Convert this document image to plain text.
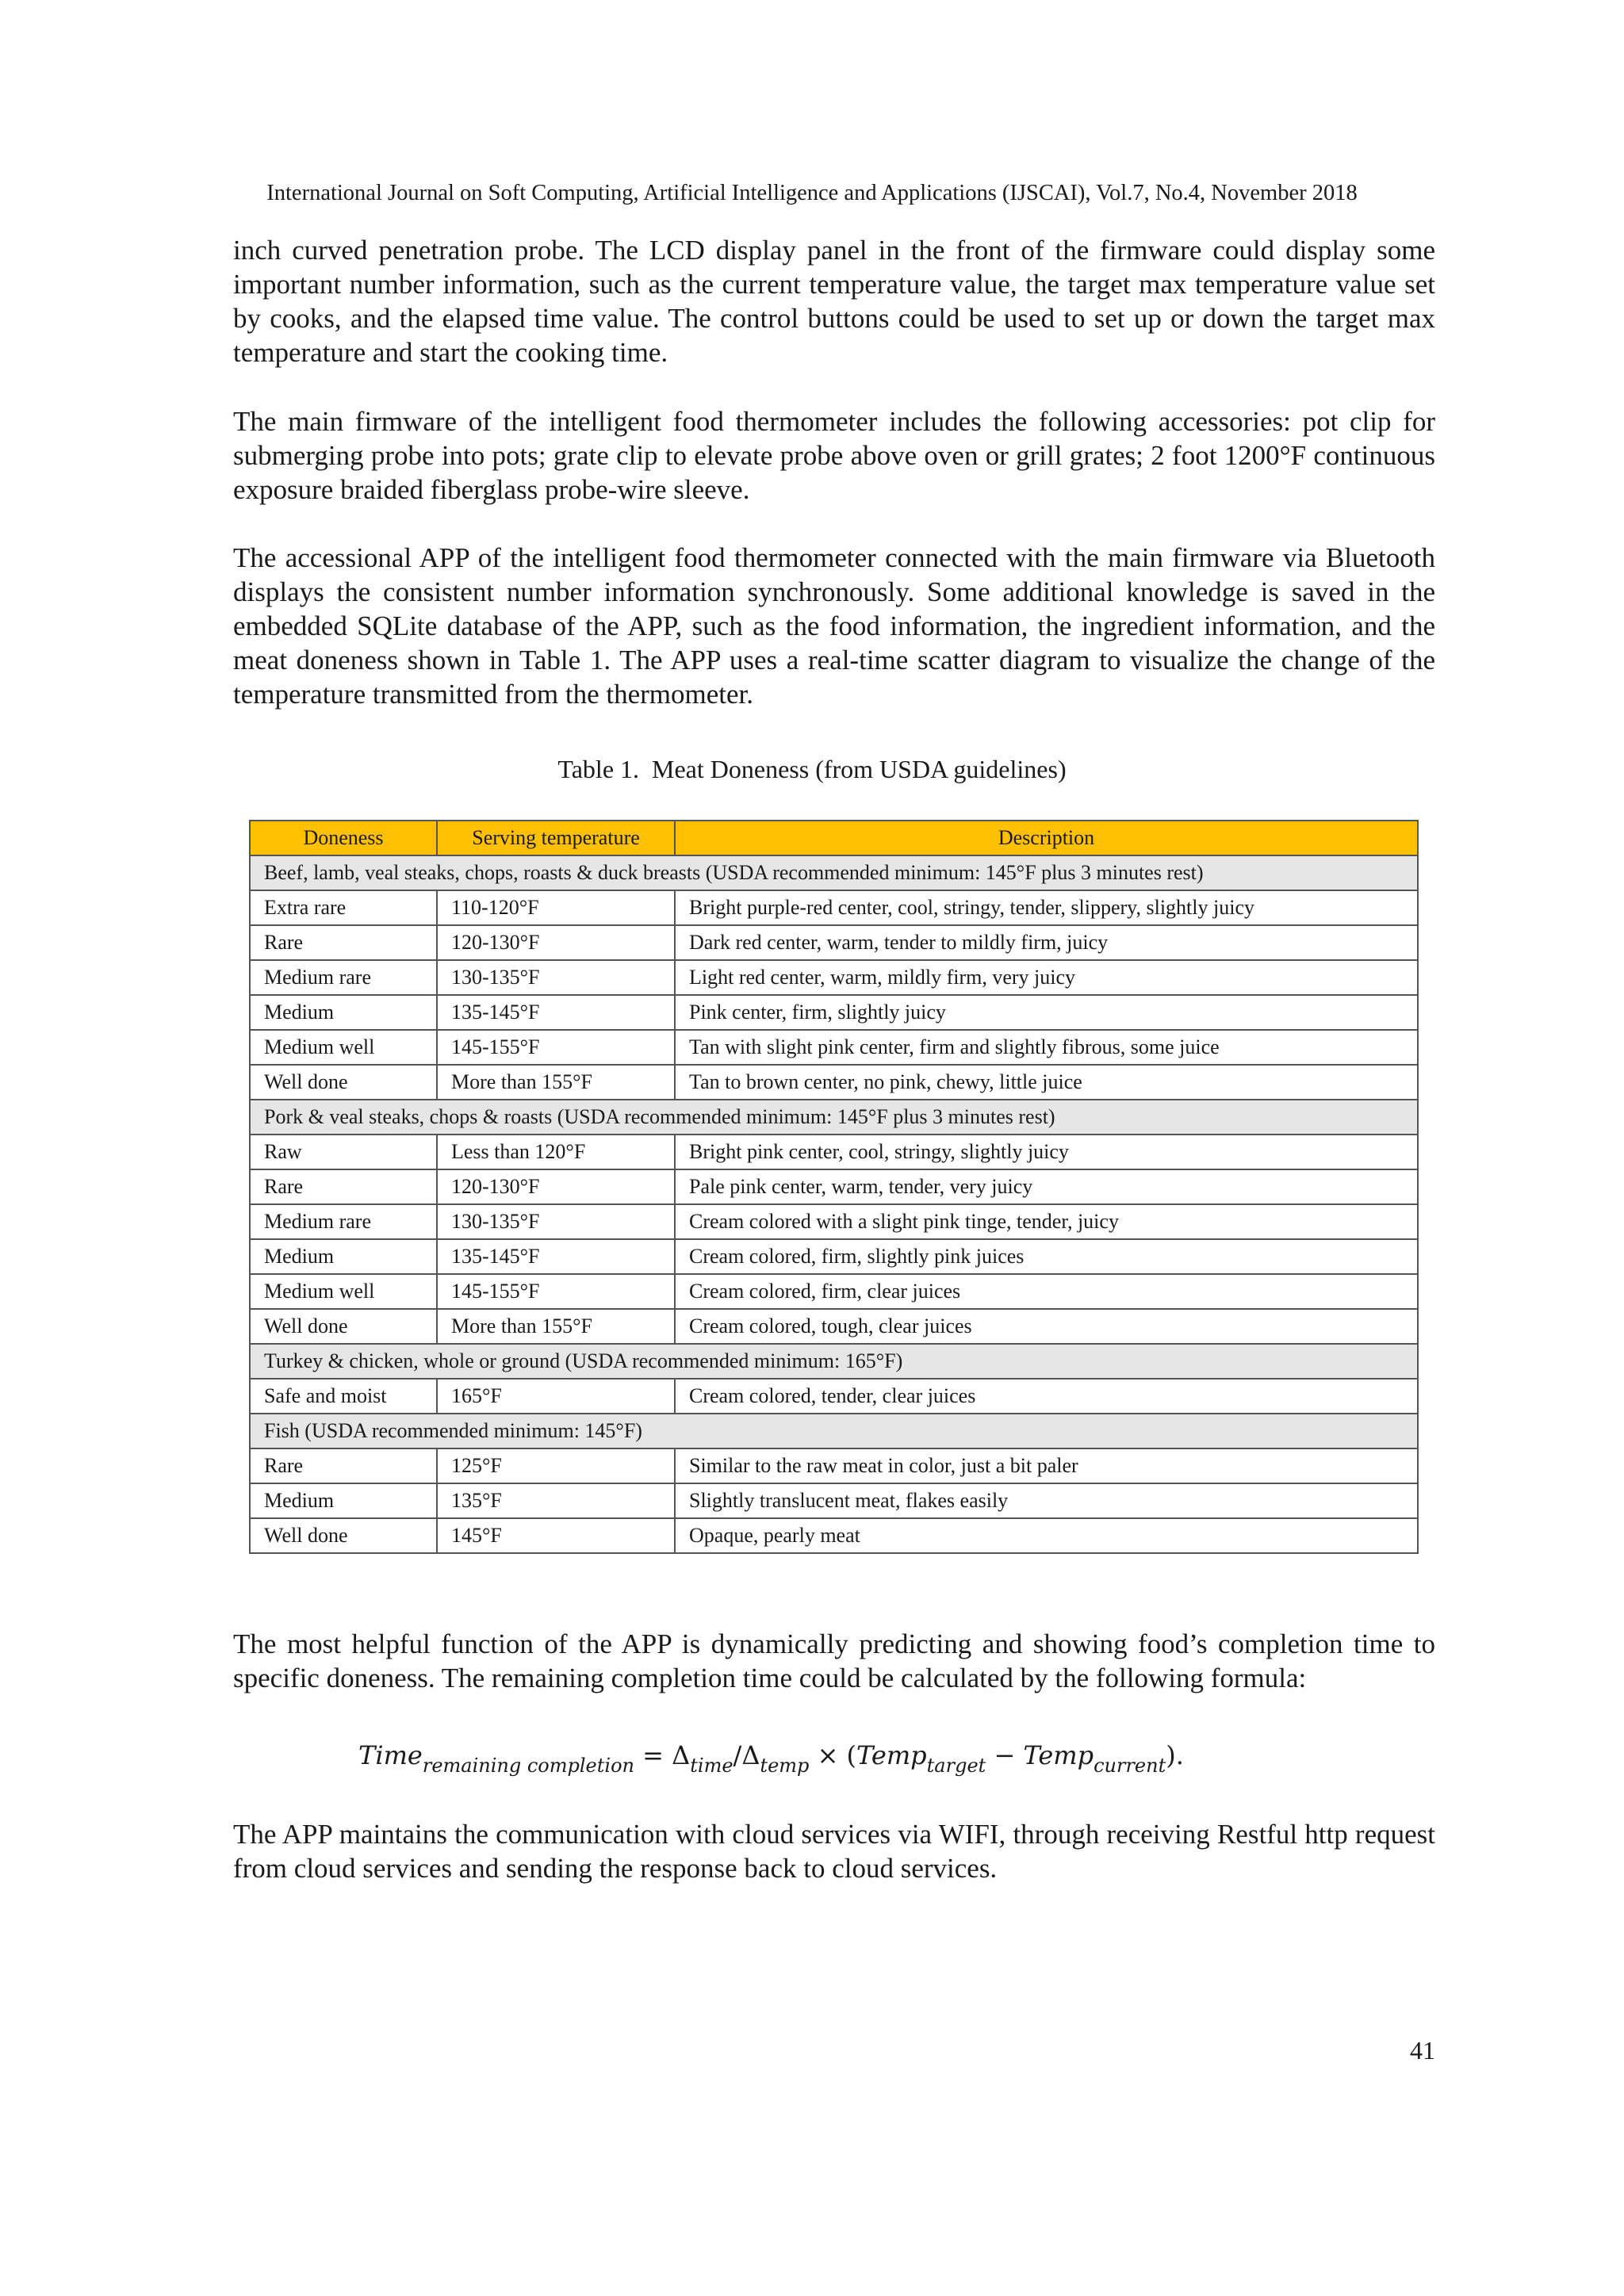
International Journal on Soft Computing, Artificial Intelligence and Applications (IJSCAI), Vol.7, No.4, November 2018

inch curved penetration probe. The LCD display panel in the front of the firmware could display some important number information, such as the current temperature value, the target max temperature value set by cooks, and the elapsed time value. The control buttons could be used to set up or down the target max temperature and start the cooking time.

The main firmware of the intelligent food thermometer includes the following accessories: pot clip for submerging probe into pots; grate clip to elevate probe above oven or grill grates; 2 foot 1200°F continuous exposure braided fiberglass probe-wire sleeve.

The accessional APP of the intelligent food thermometer connected with the main firmware via Bluetooth displays the consistent number information synchronously. Some additional knowledge is saved in the embedded SQLite database of the APP, such as the food information, the ingredient information, and the meat doneness shown in Table 1. The APP uses a real-time scatter diagram to visualize the change of the temperature transmitted from the thermometer.

Table 1.  Meat Doneness (from USDA guidelines)
Doneness	Serving temperature	Description
Beef, lamb, veal steaks, chops, roasts & duck breasts (USDA recommended minimum: 145°F plus 3 minutes rest)		
Extra rare	110-120°F	Bright purple-red center, cool, stringy, tender, slippery, slightly juicy
Rare	120-130°F	Dark red center, warm, tender to mildly firm, juicy
Medium rare	130-135°F	Light red center, warm, mildly firm, very juicy
Medium	135-145°F	Pink center, firm, slightly juicy
Medium well	145-155°F	Tan with slight pink center, firm and slightly fibrous, some juice
Well done	More than 155°F	Tan to brown center, no pink, chewy, little juice
Pork & veal steaks, chops & roasts (USDA recommended minimum: 145°F plus 3 minutes rest)		
Raw	Less than 120°F	Bright pink center, cool, stringy, slightly juicy
Rare	120-130°F	Pale pink center, warm, tender, very juicy
Medium rare	130-135°F	Cream colored with a slight pink tinge, tender, juicy
Medium	135-145°F	Cream colored, firm, slightly pink juices
Medium well	145-155°F	Cream colored, firm, clear juices
Well done	More than 155°F	Cream colored, tough, clear juices
Turkey & chicken, whole or ground (USDA recommended minimum: 165°F)		
Safe and moist	165°F	Cream colored, tender, clear juices
Fish (USDA recommended minimum: 145°F)		
Rare	125°F	Similar to the raw meat in color, just a bit paler
Medium	135°F	Slightly translucent meat, flakes easily
Well done	145°F	Opaque, pearly meat

The most helpful function of the APP is dynamically predicting and showing food’s completion time to specific doneness. The remaining completion time could be calculated by the following formula:

Time$_{remaining completion}$ = $\Delta_{time}/\Delta_{temp}$ × (Temp$_{target}$ − Temp$_{current}$).

The APP maintains the communication with cloud services via WIFI, through receiving Restful http request from cloud services and sending the response back to cloud services.

41
